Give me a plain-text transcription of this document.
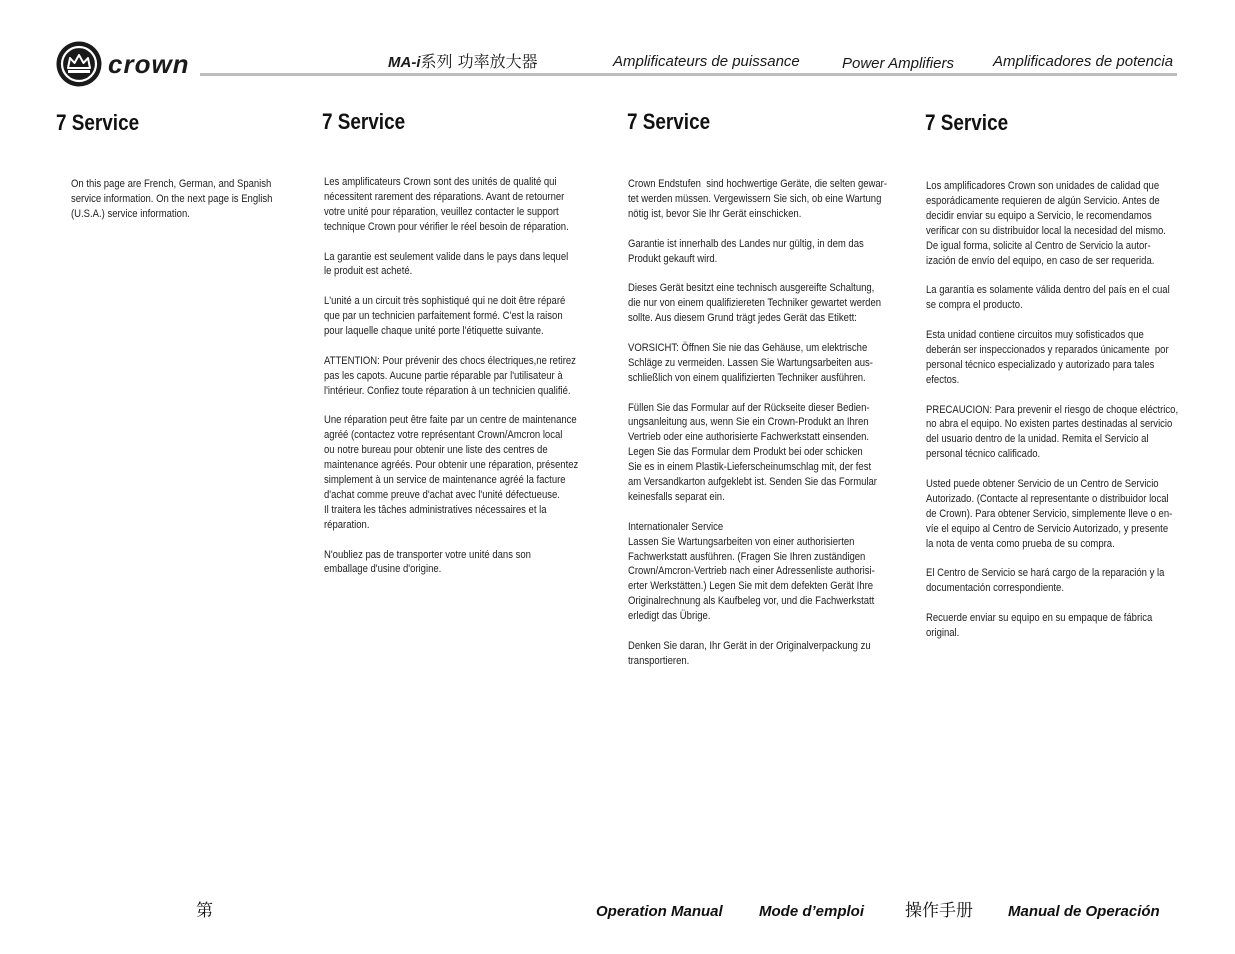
crown	MA-i系列 功率放大器	Amplificateurs de puissance	Power Amplifiers	Amplificadores de potencia
7 Service

On this page are French, German, and Spanish
service information. On the next page is English
(U.S.A.) service information.

7 Service

Les amplificateurs Crown sont des unités de qualité qui
nécessitent rarement des réparations. Avant de retourner
votre unité pour réparation, veuillez contacter le support
technique Crown pour vérifier le réel besoin de réparation.

La garantie est seulement valide dans le pays dans lequel
le produit est acheté.

L'unité a un circuit très sophistiqué qui ne doit être réparé
que par un technicien parfaitement formé. C'est la raison
pour laquelle chaque unité porte l'étiquette suivante.

ATTENTION: Pour prévenir des chocs électriques,ne retirez
pas les capots. Aucune partie réparable par l'utilisateur à
l'intérieur. Confiez toute réparation à un technicien qualifié.

Une réparation peut être faite par un centre de maintenance
agréé (contactez votre représentant Crown/Amcron local
ou notre bureau pour obtenir une liste des centres de
maintenance agréés. Pour obtenir une réparation, présentez
simplement à un service de maintenance agréé la facture
d'achat comme preuve d'achat avec l'unité défectueuse.
Il traitera les tâches administratives nécessaires et la
réparation.

N'oubliez pas de transporter votre unité dans son
emballage d'usine d'origine.

7 Service

Crown Endstufen  sind hochwertige Geräte, die selten gewar-
tet werden müssen. Vergewissern Sie sich, ob eine Wartung
nötig ist, bevor Sie Ihr Gerät einschicken.

Garantie ist innerhalb des Landes nur gültig, in dem das
Produkt gekauft wird.

Dieses Gerät besitzt eine technisch ausgereifte Schaltung,
die nur von einem qualifiziereten Techniker gewartet werden
sollte. Aus diesem Grund trägt jedes Gerät das Etikett:

VORSICHT: Öffnen Sie nie das Gehäuse, um elektrische
Schläge zu vermeiden. Lassen Sie Wartungsarbeiten aus-
schließlich von einem qualifizierten Techniker ausführen.

Füllen Sie das Formular auf der Rückseite dieser Bedien-
ungsanleitung aus, wenn Sie ein Crown-Produkt an Ihren
Vertrieb oder eine authorisierte Fachwerkstatt einsenden.
Legen Sie das Formular dem Produkt bei oder schicken
Sie es in einem Plastik-Lieferscheinumschlag mit, der fest
am Versandkarton aufgeklebt ist. Senden Sie das Formular
keinesfalls separat ein.

Internationaler Service
Lassen Sie Wartungsarbeiten von einer authorisierten
Fachwerkstatt ausführen. (Fragen Sie Ihren zuständigen
Crown/Amcron-Vertrieb nach einer Adressenliste authorisi-
erter Werkstätten.) Legen Sie mit dem defekten Gerät Ihre
Originalrechnung als Kaufbeleg vor, und die Fachwerkstatt
erledigt das Übrige.

Denken Sie daran, Ihr Gerät in der Originalverpackung zu
transportieren.

7 Service

Los amplificadores Crown son unidades de calidad que
esporádicamente requieren de algún Servicio. Antes de
decidir enviar su equipo a Servicio, le recomendamos
verificar con su distribuidor local la necesidad del mismo.
De igual forma, solicite al Centro de Servicio la autor-
ización de envío del equipo, en caso de ser requerida.

La garantía es solamente válida dentro del país en el cual
se compra el producto.

Esta unidad contiene circuitos muy sofisticados que
deberán ser inspeccionados y reparados únicamente  por
personal técnico especializado y autorizado para tales
efectos.

PRECAUCION: Para prevenir el riesgo de choque eléctrico,
no abra el equipo. No existen partes destinadas al servicio
del usuario dentro de la unidad. Remita el Servicio al
personal técnico calificado.

Usted puede obtener Servicio de un Centro de Servicio
Autorizado. (Contacte al representante o distribuidor local
de Crown). Para obtener Servicio, simplemente lleve o en-
víe el equipo al Centro de Servicio Autorizado, y presente
la nota de venta como prueba de su compra.

El Centro de Servicio se hará cargo de la reparación y la
documentación correspondiente.

Recuerde enviar su equipo en su empaque de fábrica
original.

第	Operation Manual Mode d’emploi 操作手册 Manual de Operación
